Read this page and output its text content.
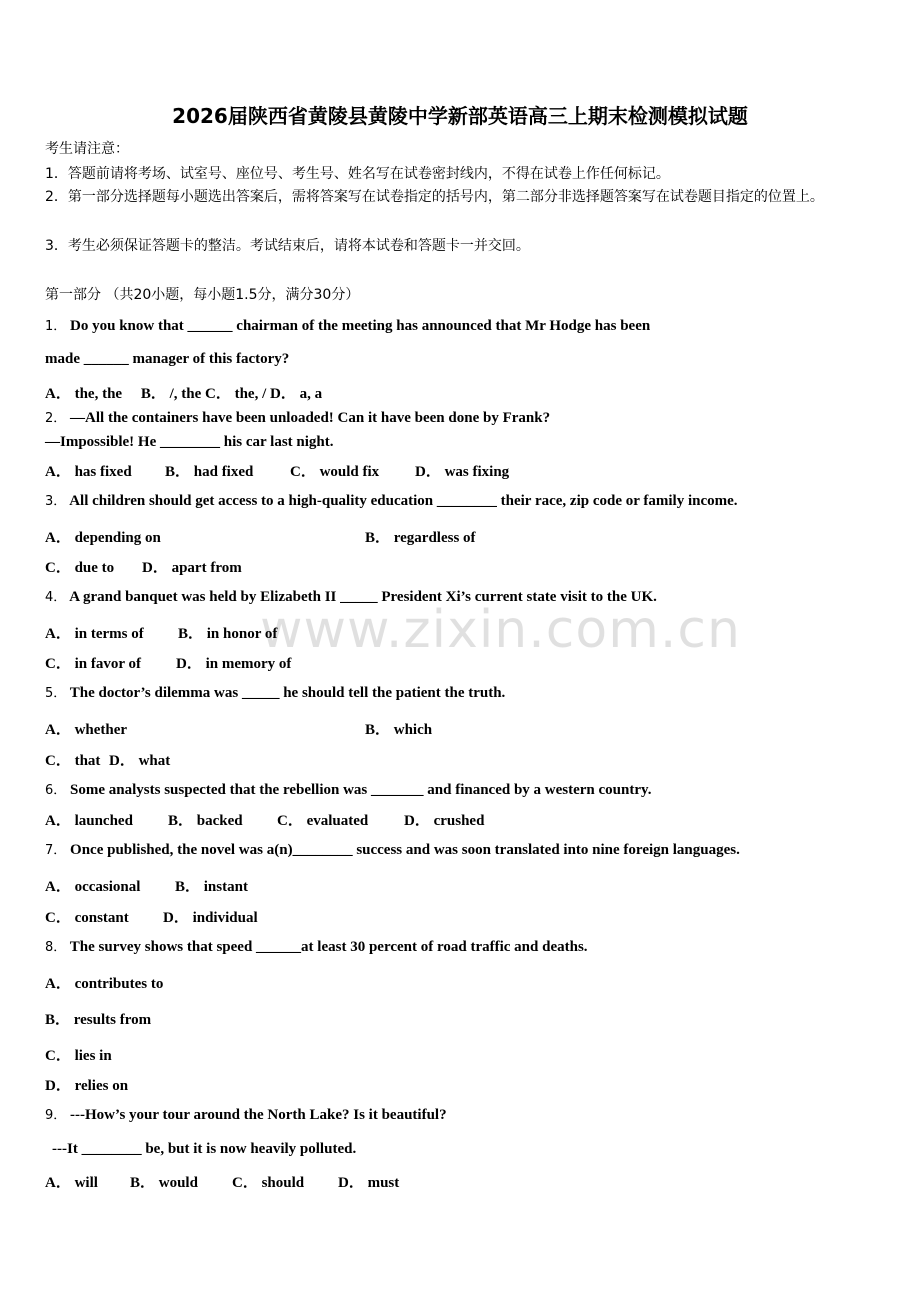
2026届陕西省黄陵县黄陵中学新部英语高三上期末检测模拟试题
考生请注意：
1．答题前请将考场、试室号、座位号、考生号、姓名写在试卷密封线内，不得在试卷上作任何标记。
2．第一部分选择题每小题选出答案后，需将答案写在试卷指定的括号内，第二部分非选择题答案写在试卷题目指定的位置上。
3．考生必须保证答题卡的整洁。考试结束后，请将本试卷和答题卡一并交回。
第一部分 （共20小题，每小题1.5分，满分30分）
www.zixin.com.cn
1． Do you know that ______ chairman of the meeting has announced that Mr Hodge has been
made ______ manager of this factory?
A． the, the　 B． /, the C． the, / D． a, a
2． —All the containers have been unloaded! Can it have been done by Frank?
—Impossible! He ________ his car last night.
A． has fixed B． had fixed C． would fix D． was fixing
3． All children should get access to a high-quality education ________ their race, zip code or family income.
A． depending on	B． regardless of
C． due to D． apart from
4． A grand banquet was held by Elizabeth II _____ President Xi’s current state visit to the UK.
A． in terms of B． in honor of
C． in favor of D． in memory of
5． The doctor’s dilemma was _____ he should tell the patient the truth.
A． whether	B． which
C． that D． what
6． Some analysts suspected that the rebellion was _______ and financed by a western country.
A． launched B． backed C． evaluated D． crushed
7． Once published, the novel was a(n)________ success and was soon translated into nine foreign languages.
A． occasional B． instant
C． constant D． individual
8． The survey shows that speed ______at least 30 percent of road traffic and deaths.
A． contributes to
B． results from
C． lies in
D． relies on
9． ---How’s your tour around the North Lake? Is it beautiful?
---It ________ be, but it is now heavily polluted.
A． will B． would C． should D． must
